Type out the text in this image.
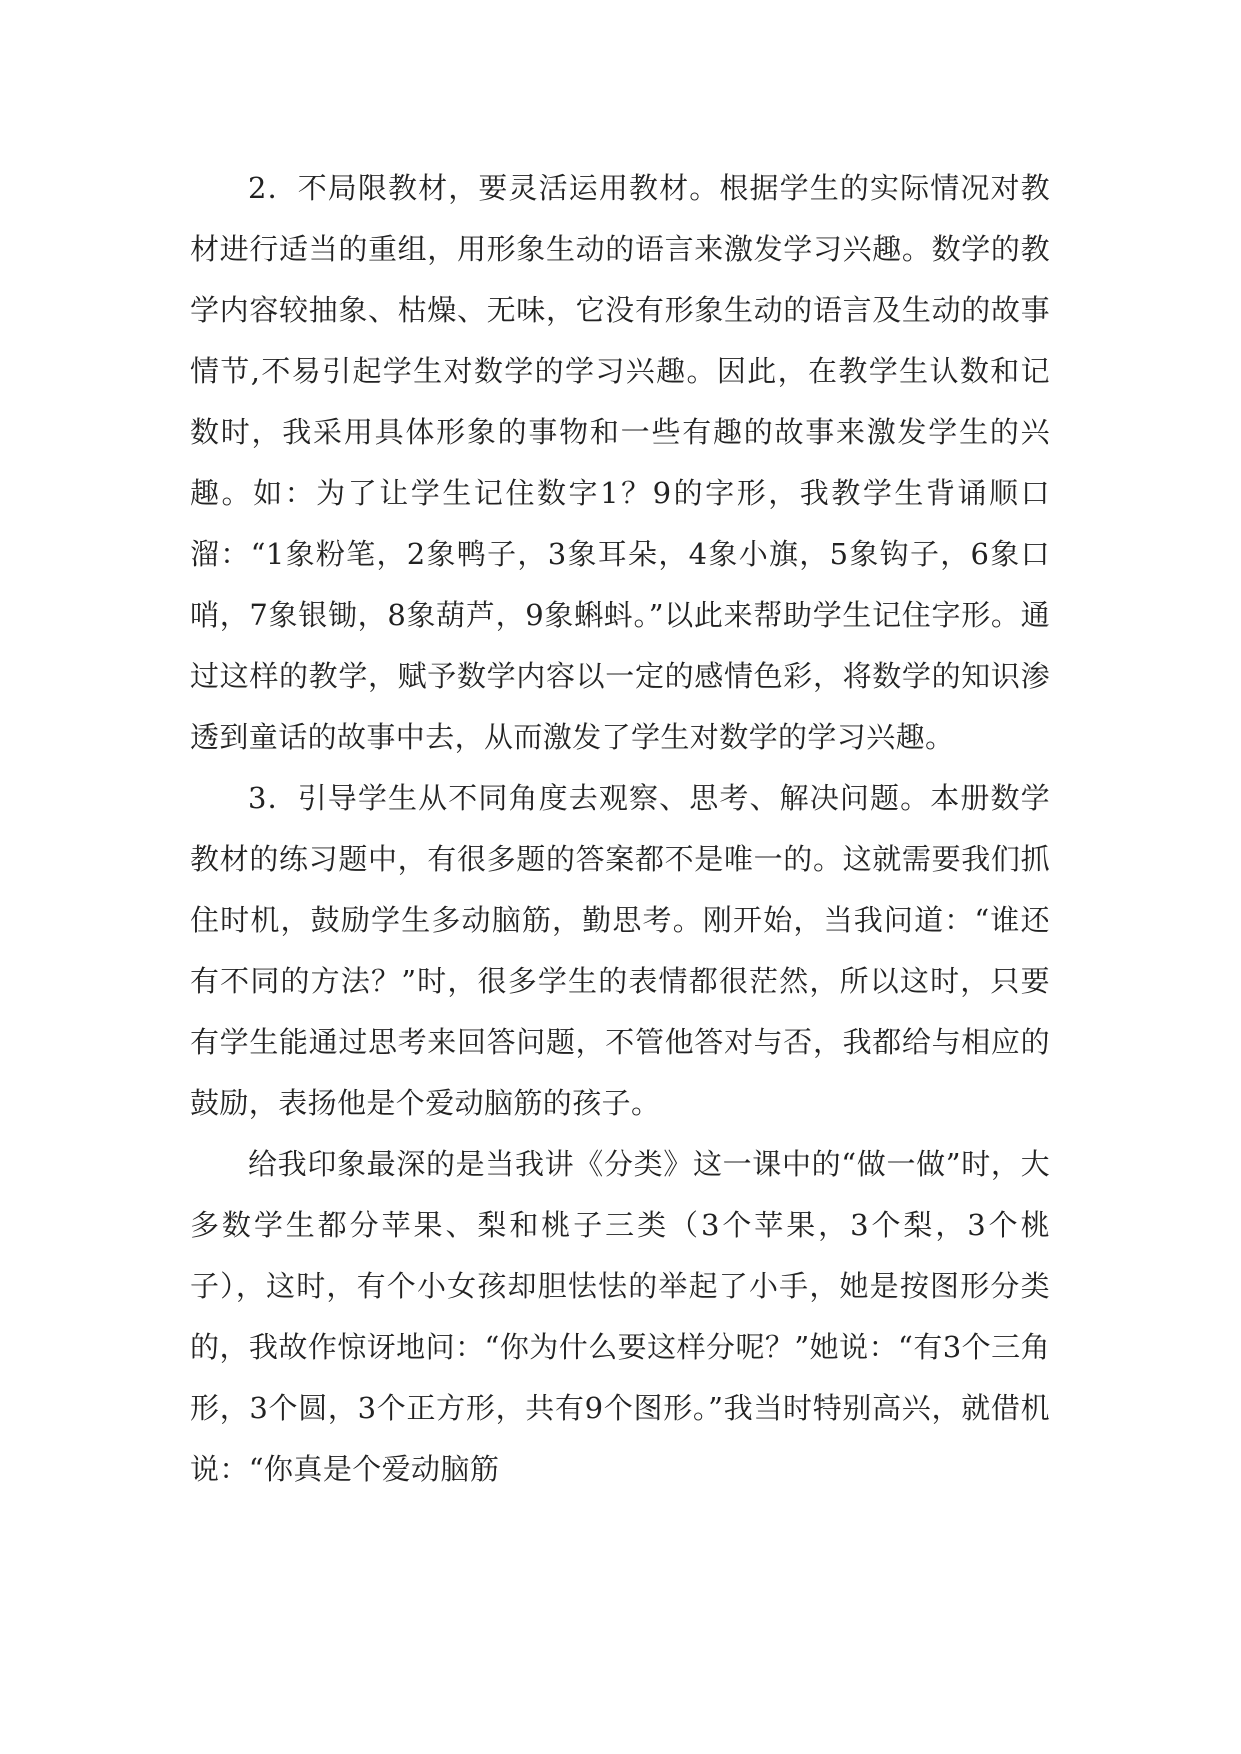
2．不局限教材，要灵活运用教材。根据学生的实际情况对教材进行适当的重组，用形象生动的语言来激发学习兴趣。数学的教学内容较抽象、枯燥、无味，它没有形象生动的语言及生动的故事情节,不易引起学生对数学的学习兴趣。因此，在教学生认数和记数时，我采用具体形象的事物和一些有趣的故事来激发学生的兴趣。如：为了让学生记住数字1？9的字形，我教学生背诵顺口溜：“1象粉笔，2象鸭子，3象耳朵，4象小旗，5象钩子，6象口哨，7象银锄，8象葫芦，9象蝌蚪。”以此来帮助学生记住字形。通过这样的教学，赋予数学内容以一定的感情色彩，将数学的知识渗透到童话的故事中去，从而激发了学生对数学的学习兴趣。

3．引导学生从不同角度去观察、思考、解决问题。本册数学教材的练习题中，有很多题的答案都不是唯一的。这就需要我们抓住时机，鼓励学生多动脑筋，勤思考。刚开始，当我问道：“谁还有不同的方法？”时，很多学生的表情都很茫然，所以这时，只要有学生能通过思考来回答问题，不管他答对与否，我都给与相应的鼓励，表扬他是个爱动脑筋的孩子。

给我印象最深的是当我讲《分类》这一课中的“做一做”时，大多数学生都分苹果、梨和桃子三类（3个苹果，3个梨，3个桃子），这时，有个小女孩却胆怯怯的举起了小手，她是按图形分类的，我故作惊讶地问：“你为什么要这样分呢？”她说：“有3个三角形，3个圆，3个正方形，共有9个图形。”我当时特别高兴，就借机说：“你真是个爱动脑筋
